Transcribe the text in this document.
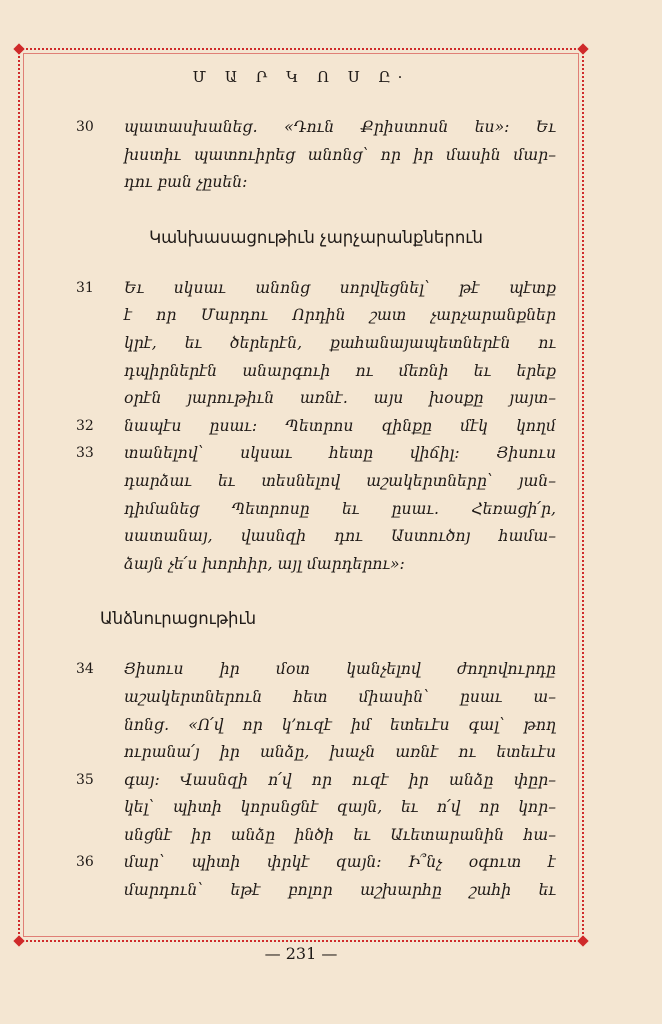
Մ Ա Ր Կ Ո Ս Ը·
30	պատասխանեց․ «Դուն Քրիստոսն ես»։ Եւ
խստիւ պատուիրեց անոնց՝ որ իր մասին մար–
դու բան չըսեն։
Կանխասացութիւն չարչարանքներուն
31	Եւ սկսաւ անոնց սորվեցնել՝ թէ պէտք
է որ Մարդու Որդին շատ չարչարանքներ
կրէ, եւ ծերերէն, քահանայապետներէն ու
դպիրներէն անարգուի ու մեռնի եւ երեք
օրէն յարութիւն առնէ․ այս խօսքը յայտ–
32	նապէս ըսաւ։ Պետրոս զինքը մէկ կողմ
33	տանելով՝ սկսաւ հետը վիճիլ։ Յիսուս
դարձաւ եւ տեսնելով աշակերտները՝ յան–
դիմանեց Պետրոսը եւ ըսաւ․ Հեռացի՛ր,
սատանայ, վասնզի դու Աստուծոյ համա–
ձայն չե՛ս խորհիր, այլ մարդերու»։
Անձնուրացութիւն
34	Յիսուս իր մօտ կանչելով ժողովուրդը
աշակերտներուն հետ միասին՝ ըսաւ ա–
նոնց․ «Ո՛վ որ կ՚ուզէ իմ ետեւէս գալ՝ թող
ուրանա՛յ իր անձը, խաչն առնէ ու ետեւէս
35	գայ։ Վասնզի ո՛վ որ ուզէ իր անձը փըր–
կել՝ պիտի կորսնցնէ զայն, եւ ո՛վ որ կոր–
սնցնէ իր անձը ինծի եւ Աւետարանին հա–
36	մար՝ պիտի փրկէ զայն։ Ի՞նչ օգուտ է
մարդուն՝ եթէ բոլոր աշխարհը շահի եւ
— 231 —
